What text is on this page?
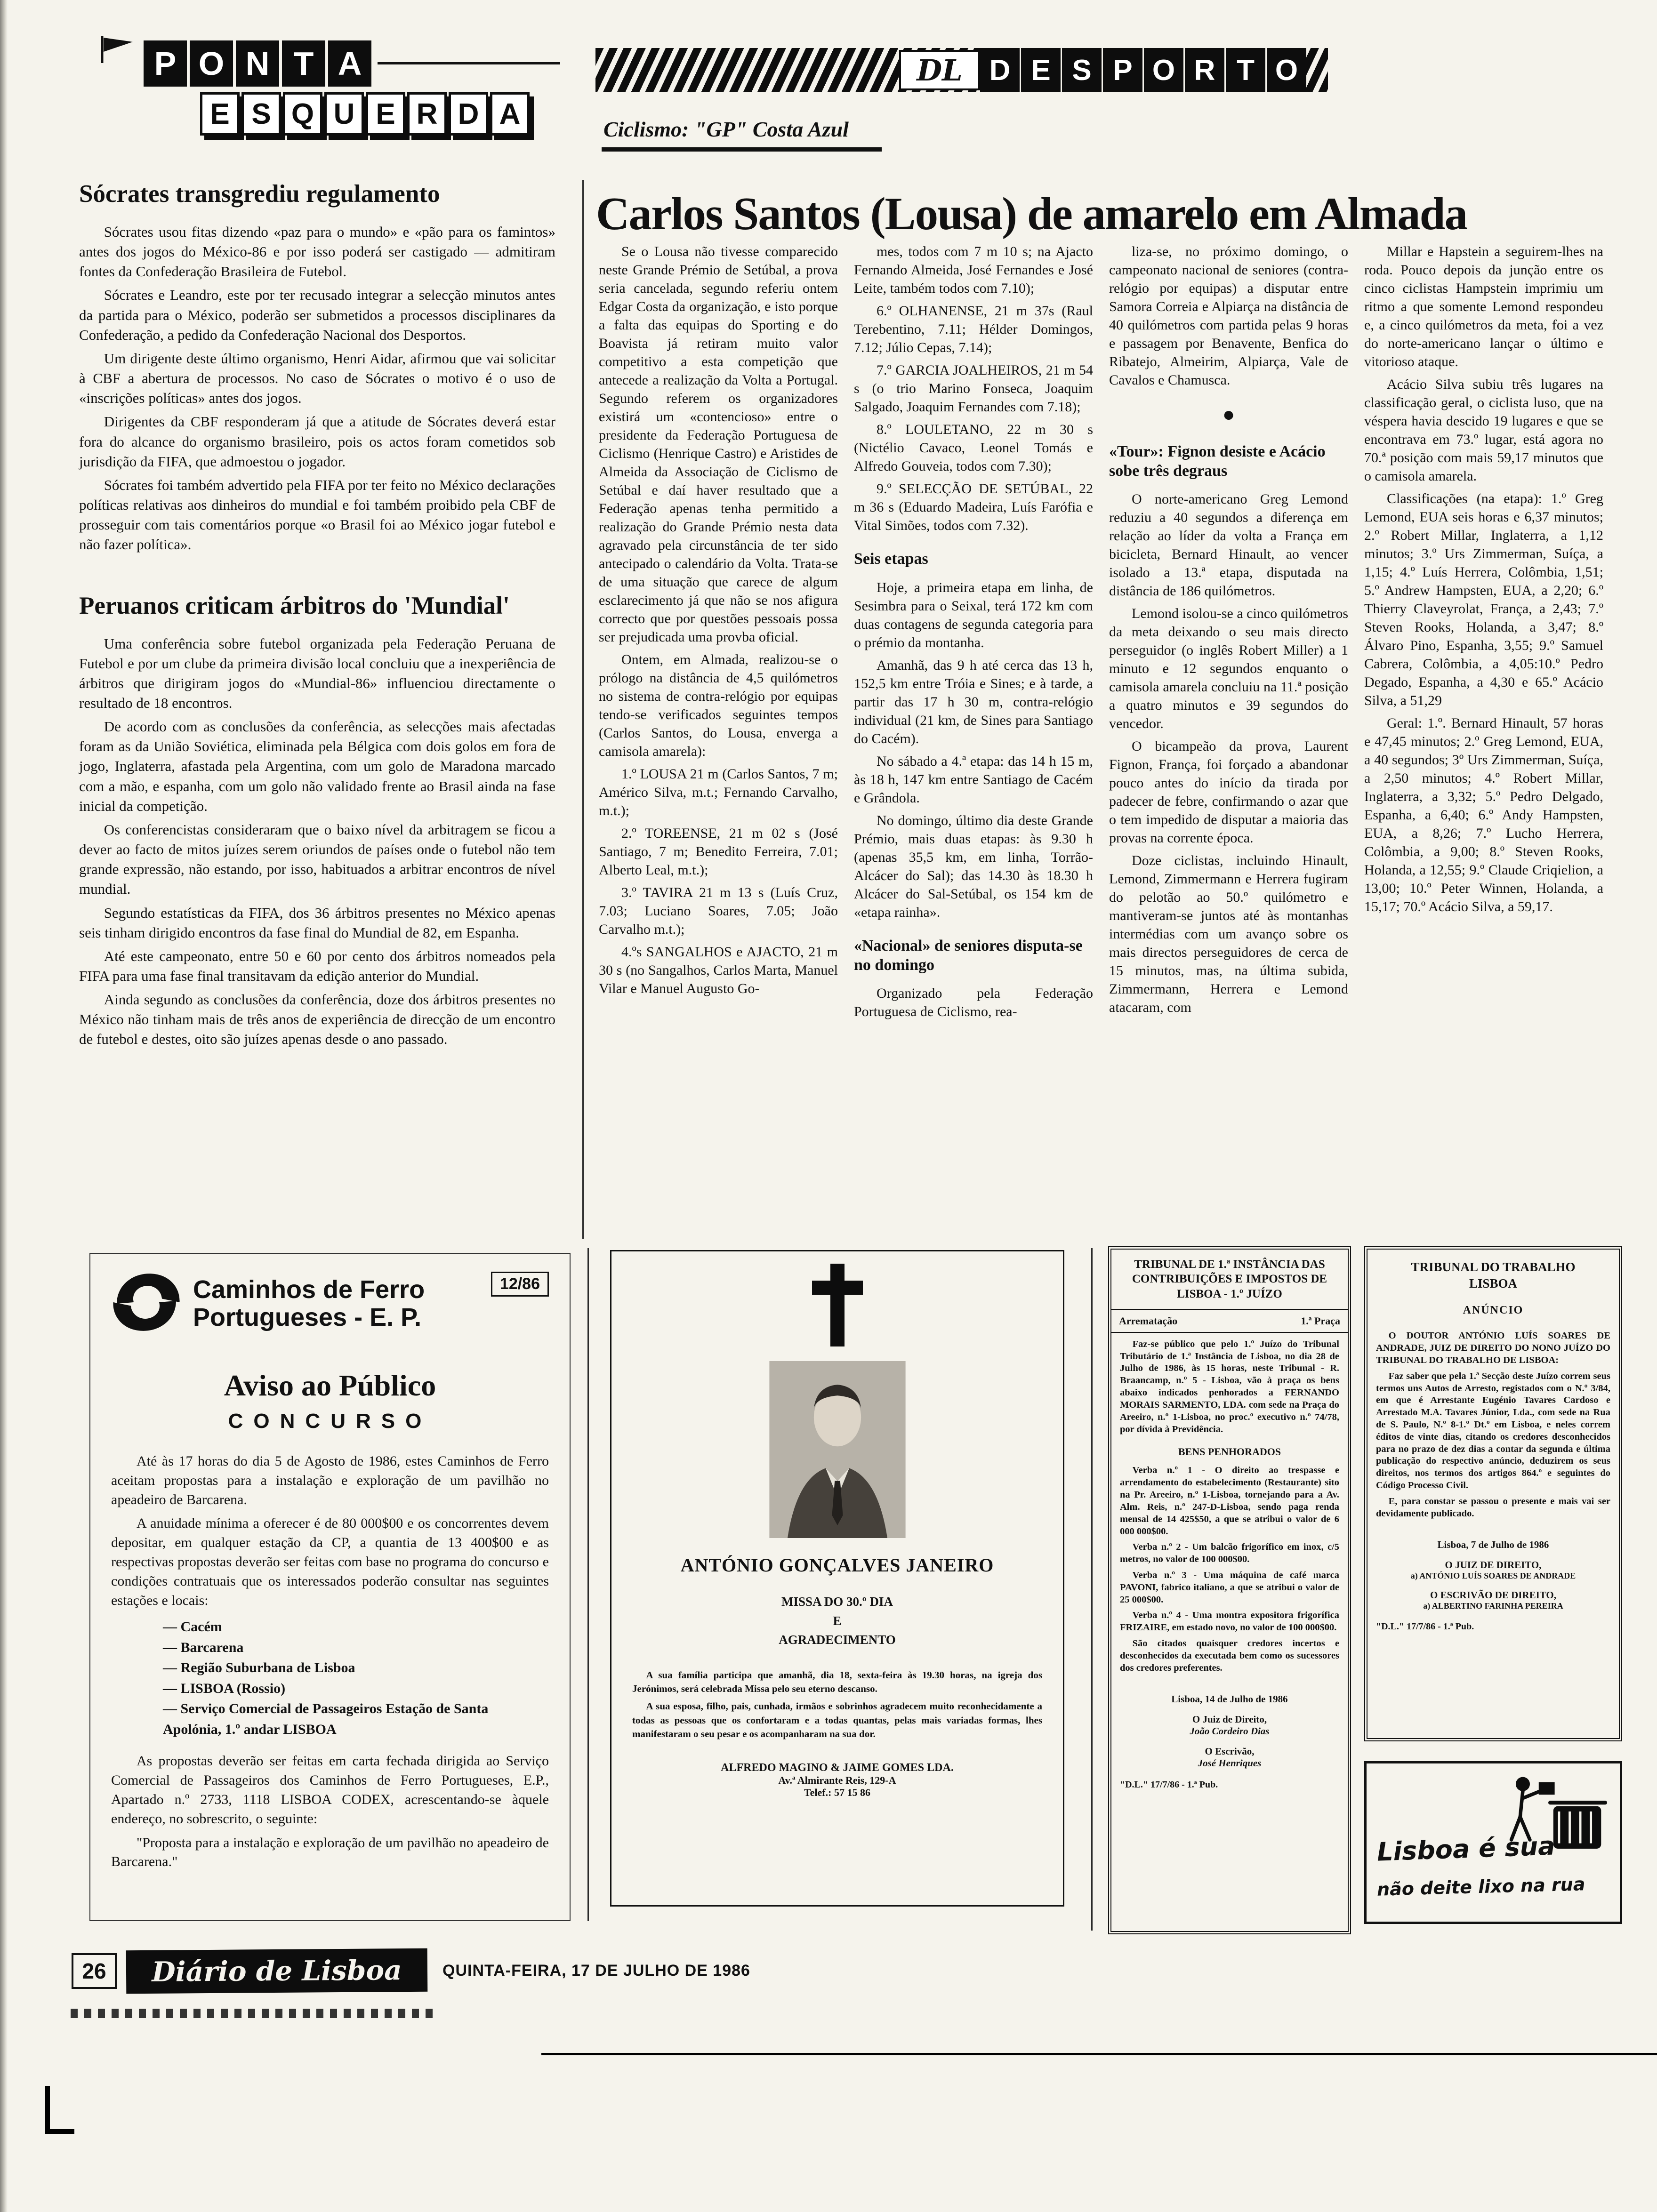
P O N T A
E S Q U E R D A
DL D E S P O R T O
Ciclismo: "GP" Costa Azul
Carlos Santos (Lousa) de amarelo em Almada
Sócrates transgrediu regulamento

Sócrates usou fitas dizendo «paz para o mundo» e «pão para os famintos» antes dos jogos do México-86 e por isso poderá ser castigado — admitiram fontes da Confederação Brasileira de Futebol.

Sócrates e Leandro, este por ter recusado integrar a selecção minutos antes da partida para o México, poderão ser submetidos a processos disciplinares da Confederação, a pedido da Confederação Nacional dos Desportos.

Um dirigente deste último organismo, Henri Aidar, afirmou que vai solicitar à CBF a abertura de processos. No caso de Sócrates o motivo é o uso de «inscrições políticas» antes dos jogos.

Dirigentes da CBF responderam já que a atitude de Sócrates deverá estar fora do alcance do organismo brasileiro, pois os actos foram cometidos sob jurisdição da FIFA, que admoestou o jogador.

Sócrates foi também advertido pela FIFA por ter feito no México declarações políticas relativas aos dinheiros do mundial e foi também proibido pela CBF de prosseguir com tais comentários porque «o Brasil foi ao México jogar futebol e não fazer política».

Peruanos criticam árbitros do 'Mundial'

Uma conferência sobre futebol organizada pela Federação Peruana de Futebol e por um clube da primeira divisão local concluiu que a inexperiência de árbitros que dirigiram jogos do «Mundial-86» influenciou directamente o resultado de 18 encontros.

De acordo com as conclusões da conferência, as selecções mais afectadas foram as da União Soviética, eliminada pela Bélgica com dois golos em fora de jogo, Inglaterra, afastada pela Argentina, com um golo de Maradona marcado com a mão, e espanha, com um golo não validado frente ao Brasil ainda na fase inicial da competição.

Os conferencistas consideraram que o baixo nível da arbitragem se ficou a dever ao facto de mitos juízes serem oriundos de países onde o futebol não tem grande expressão, não estando, por isso, habituados a arbitrar encontros de nível mundial.

Segundo estatísticas da FIFA, dos 36 árbitros presentes no México apenas seis tinham dirigido encontros da fase final do Mundial de 82, em Espanha.

Até este campeonato, entre 50 e 60 por cento dos árbitros nomeados pela FIFA para uma fase final transitavam da edição anterior do Mundial.

Ainda segundo as conclusões da conferência, doze dos árbitros presentes no México não tinham mais de três anos de experiência de direcção de um encontro de futebol e destes, oito são juízes apenas desde o ano passado.

Se o Lousa não tivesse comparecido neste Grande Prémio de Setúbal, a prova seria cancelada, segundo referiu ontem Edgar Costa da organização, e isto porque a falta das equipas do Sporting e do Boavista já retiram muito valor competitivo a esta competição que antecede a realização da Volta a Portugal. Segundo referem os organizadores existirá um «contencioso» entre o presidente da Federação Portuguesa de Ciclismo (Henrique Castro) e Aristides de Almeida da Associação de Ciclismo de Setúbal e daí haver resultado que a Federação apenas tenha permitido a realização do Grande Prémio nesta data agravado pela circunstância de ter sido antecipado o calendário da Volta. Trata-se de uma situação que carece de algum esclarecimento já que não se nos afigura correcto que por questões pessoais possa ser prejudicada uma provba oficial.

Ontem, em Almada, realizou-se o prólogo na distância de 4,5 quilómetros no sistema de contra-relógio por equipas tendo-se verificados seguintes tempos (Carlos Santos, do Lousa, enverga a camisola amarela):

1.º LOUSA 21 m (Carlos Santos, 7 m; Américo Silva, m.t.; Fernando Carvalho, m.t.);

2.º TOREENSE, 21 m 02 s (José Santiago, 7 m; Benedito Ferreira, 7.01; Alberto Leal, m.t.);

3.º TAVIRA 21 m 13 s (Luís Cruz, 7.03; Luciano Soares, 7.05; João Carvalho m.t.);

4.ºs SANGALHOS e AJACTO, 21 m 30 s (no Sangalhos, Carlos Marta, Manuel Vilar e Manuel Augusto Go-

mes, todos com 7 m 10 s; na Ajacto Fernando Almeida, José Fernandes e José Leite, também todos com 7.10);

6.º OLHANENSE, 21 m 37s (Raul Terebentino, 7.11; Hélder Domingos, 7.12; Júlio Cepas, 7.14);

7.º GARCIA JOALHEIROS, 21 m 54 s (o trio Marino Fonseca, Joaquim Salgado, Joaquim Fernandes com 7.18);

8.º LOULETANO, 22 m 30 s (Nictélio Cavaco, Leonel Tomás e Alfredo Gouveia, todos com 7.30);

9.º SELECÇÃO DE SETÚBAL, 22 m 36 s (Eduardo Madeira, Luís Farófia e Vital Simões, todos com 7.32).

Seis etapas

Hoje, a primeira etapa em linha, de Sesimbra para o Seixal, terá 172 km com duas contagens de segunda categoria para o prémio da montanha.

Amanhã, das 9 h até cerca das 13 h, 152,5 km entre Tróia e Sines; e à tarde, a partir das 17 h 30 m, contra-relógio individual (21 km, de Sines para Santiago do Cacém).

No sábado a 4.ª etapa: das 14 h 15 m, às 18 h, 147 km entre Santiago de Cacém e Grândola.

No domingo, último dia deste Grande Prémio, mais duas etapas: às 9.30 h (apenas 35,5 km, em linha, Torrão-Alcácer do Sal); das 14.30 às 18.30 h Alcácer do Sal-Setúbal, os 154 km de «etapa rainha».

«Nacional» de seniores disputa-se no domingo

Organizado pela Federação Portuguesa de Ciclismo, rea-

liza-se, no próximo domingo, o campeonato nacional de seniores (contra-relógio por equipas) a disputar entre Samora Correia e Alpiarça na distância de 40 quilómetros com partida pelas 9 horas e passagem por Benavente, Benfica do Ribatejo, Almeirim, Alpiarça, Vale de Cavalos e Chamusca.

●
«Tour»: Fignon desiste e Acácio sobe três degraus

O norte-americano Greg Lemond reduziu a 40 segundos a diferença em relação ao líder da volta a França em bicicleta, Bernard Hinault, ao vencer isolado a 13.ª etapa, disputada na distância de 186 quilómetros.

Lemond isolou-se a cinco quilómetros da meta deixando o seu mais directo perseguidor (o inglês Robert Miller) a 1 minuto e 12 segundos enquanto o camisola amarela concluiu na 11.ª posição a quatro minutos e 39 segundos do vencedor.

O bicampeão da prova, Laurent Fignon, França, foi forçado a abandonar pouco antes do início da tirada por padecer de febre, confirmando o azar que o tem impedido de disputar a maioria das provas na corrente época.

Doze ciclistas, incluindo Hinault, Lemond, Zimmermann e Herrera fugiram do pelotão ao 50.º quilómetro e mantiveram-se juntos até às montanhas intermédias com um avanço sobre os mais directos perseguidores de cerca de 15 minutos, mas, na última subida, Zimmermann, Herrera e Lemond atacaram, com

Millar e Hapstein a seguirem-lhes na roda. Pouco depois da junção entre os cinco ciclistas Hampstein imprimiu um ritmo a que somente Lemond respondeu e, a cinco quilómetros da meta, foi a vez do norte-americano lançar o último e vitorioso ataque.

Acácio Silva subiu três lugares na classificação geral, o ciclista luso, que na véspera havia descido 19 lugares e que se encontrava em 73.º lugar, está agora no 70.ª posição com mais 59,17 minutos que o camisola amarela.

Classificações (na etapa): 1.º Greg Lemond, EUA seis horas e 6,37 minutos; 2.º Robert Millar, Inglaterra, a 1,12 minutos; 3.º Urs Zimmerman, Suíça, a 1,15; 4.º Luís Herrera, Colômbia, 1,51; 5.º Andrew Hampsten, EUA, a 2,20; 6.º Thierry Claveyrolat, França, a 2,43; 7.º Steven Rooks, Holanda, a 3,47; 8.º Álvaro Pino, Espanha, 3,55; 9.º Samuel Cabrera, Colômbia, a 4,05:10.º Pedro Degado, Espanha, a 4,30 e 65.º Acácio Silva, a 51,29

Geral: 1.º. Bernard Hinault, 57 horas e 47,45 minutos; 2.º Greg Lemond, EUA, a 40 segundos; 3º Urs Zimmerman, Suíça, a 2,50 minutos; 4.º Robert Millar, Inglaterra, a 3,32; 5.º Pedro Delgado, Espanha, a 6,40; 6.º Andy Hampsten, EUA, a 8,26; 7.º Lucho Herrera, Colômbia, a 9,00; 8.º Steven Rooks, Holanda, a 12,55; 9.º Claude Criqielion, a 13,00; 10.º Peter Winnen, Holanda, a 15,17; 70.º Acácio Silva, a 59,17.

12/86
Caminhos de Ferro
Portugueses - E. P.
Aviso ao Público
CONCURSO

Até às 17 horas do dia 5 de Agosto de 1986, estes Caminhos de Ferro aceitam propostas para a instalação e exploração de um pavilhão no apeadeiro de Barcarena.

A anuidade mínima a oferecer é de 80 000$00 e os concorrentes devem depositar, em qualquer estação da CP, a quantia de 13 400$00 e as respectivas propostas deverão ser feitas com base no programa do concurso e condições contratuais que os interessados poderão consultar nas seguintes estações e locais:

— Cacém
— Barcarena
— Região Suburbana de Lisboa
— LISBOA (Rossio)
— Serviço Comercial de Passageiros Estação de Santa Apolónia, 1.º andar LISBOA

As propostas deverão ser feitas em carta fechada dirigida ao Serviço Comercial de Passageiros dos Caminhos de Ferro Portugueses, E.P., Apartado n.º 2733, 1118 LISBOA CODEX, acrescentando-se àquele endereço, no sobrescrito, o seguinte:

"Proposta para a instalação e exploração de um pavilhão no apeadeiro de Barcarena."

ANTÓNIO GONÇALVES JANEIRO
MISSA DO 30.º DIA
E
AGRADECIMENTO

A sua família participa que amanhã, dia 18, sexta-feira às 19.30 horas, na igreja dos Jerónimos, será celebrada Missa pelo seu eterno descanso.

A sua esposa, filho, pais, cunhada, irmãos e sobrinhos agradecem muito reconhecidamente a todas as pessoas que os confortaram e a todas quantas, pelas mais variadas formas, lhes manifestaram o seu pesar e os acompanharam na sua dor.

ALFREDO MAGINO & JAIME GOMES LDA.
Av.ª Almirante Reis, 129-A
Telef.: 57 15 86
TRIBUNAL DE 1.ª INSTÂNCIA DAS CONTRIBUIÇÕES E IMPOSTOS DE LISBOA - 1.º JUÍZO
Arrematação	1.ª Praça

Faz-se público que pelo 1.º Juízo do Tribunal Tributário de 1.ª Instância de Lisboa, no dia 28 de Julho de 1986, às 15 horas, neste Tribunal - R. Braancamp, n.º 5 - Lisboa, vão à praça os bens abaixo indicados penhorados a FERNANDO MORAIS SARMENTO, LDA. com sede na Praça do Areeiro, n.º 1-Lisboa, no proc.º executivo n.º 74/78, por dívida à Previdência.

BENS PENHORADOS

Verba n.º 1 - O direito ao trespasse e arrendamento do estabelecimento (Restaurante) sito na Pr. Areeiro, n.º 1-Lisboa, tornejando para a Av. Alm. Reis, n.º 247-D-Lisboa, sendo paga renda mensal de 14 425$50, a que se atribui o valor de 6 000 000$00.

Verba n.º 2 - Um balcão frigorífico em inox, c/5 metros, no valor de 100 000$00.

Verba n.º 3 - Uma máquina de café marca PAVONI, fabrico italiano, a que se atribui o valor de 25 000$00.

Verba n.º 4 - Uma montra expositora frigorífica FRIZAIRE, em estado novo, no valor de 100 000$00.

São citados quaisquer credores incertos e desconhecidos da executada bem como os sucessores dos credores preferentes.

Lisboa, 14 de Julho de 1986
O Juiz de Direito,
João Cordeiro Dias
O Escrivão,
José Henriques
"D.L." 17/7/86 - 1.ª Pub.
TRIBUNAL DO TRABALHO
LISBOA
ANÚNCIO

O DOUTOR ANTÓNIO LUÍS SOARES DE ANDRADE, JUIZ DE DIREITO DO NONO JUÍZO DO TRIBUNAL DO TRABALHO DE LISBOA:

Faz saber que pela 1.ª Secção deste Juízo correm seus termos uns Autos de Arresto, registados com o N.º 3/84, em que é Arrestante Eugénio Tavares Cardoso e Arrestado M.A. Tavares Júnior, Lda., com sede na Rua de S. Paulo, N.º 8-1.º Dt.º em Lisboa, e neles correm éditos de vinte dias, citando os credores desconhecidos para no prazo de dez dias a contar da segunda e última publicação do respectivo anúncio, deduzirem os seus direitos, nos termos dos artigos 864.º e seguintes do Código Processo Civil.

E, para constar se passou o presente e mais vai ser devidamente publicado.

Lisboa, 7 de Julho de 1986
O JUIZ DE DIREITO,
a) ANTÓNIO LUÍS SOARES DE ANDRADE
O ESCRIVÃO DE DIREITO,
a) ALBERTINO FARINHA PEREIRA
"D.L." 17/7/86 - 1.ª Pub.
Lisboa é sua
não deite lixo na rua
26	Diário de Lisboa	QUINTA-FEIRA, 17 DE JULHO DE 1986
